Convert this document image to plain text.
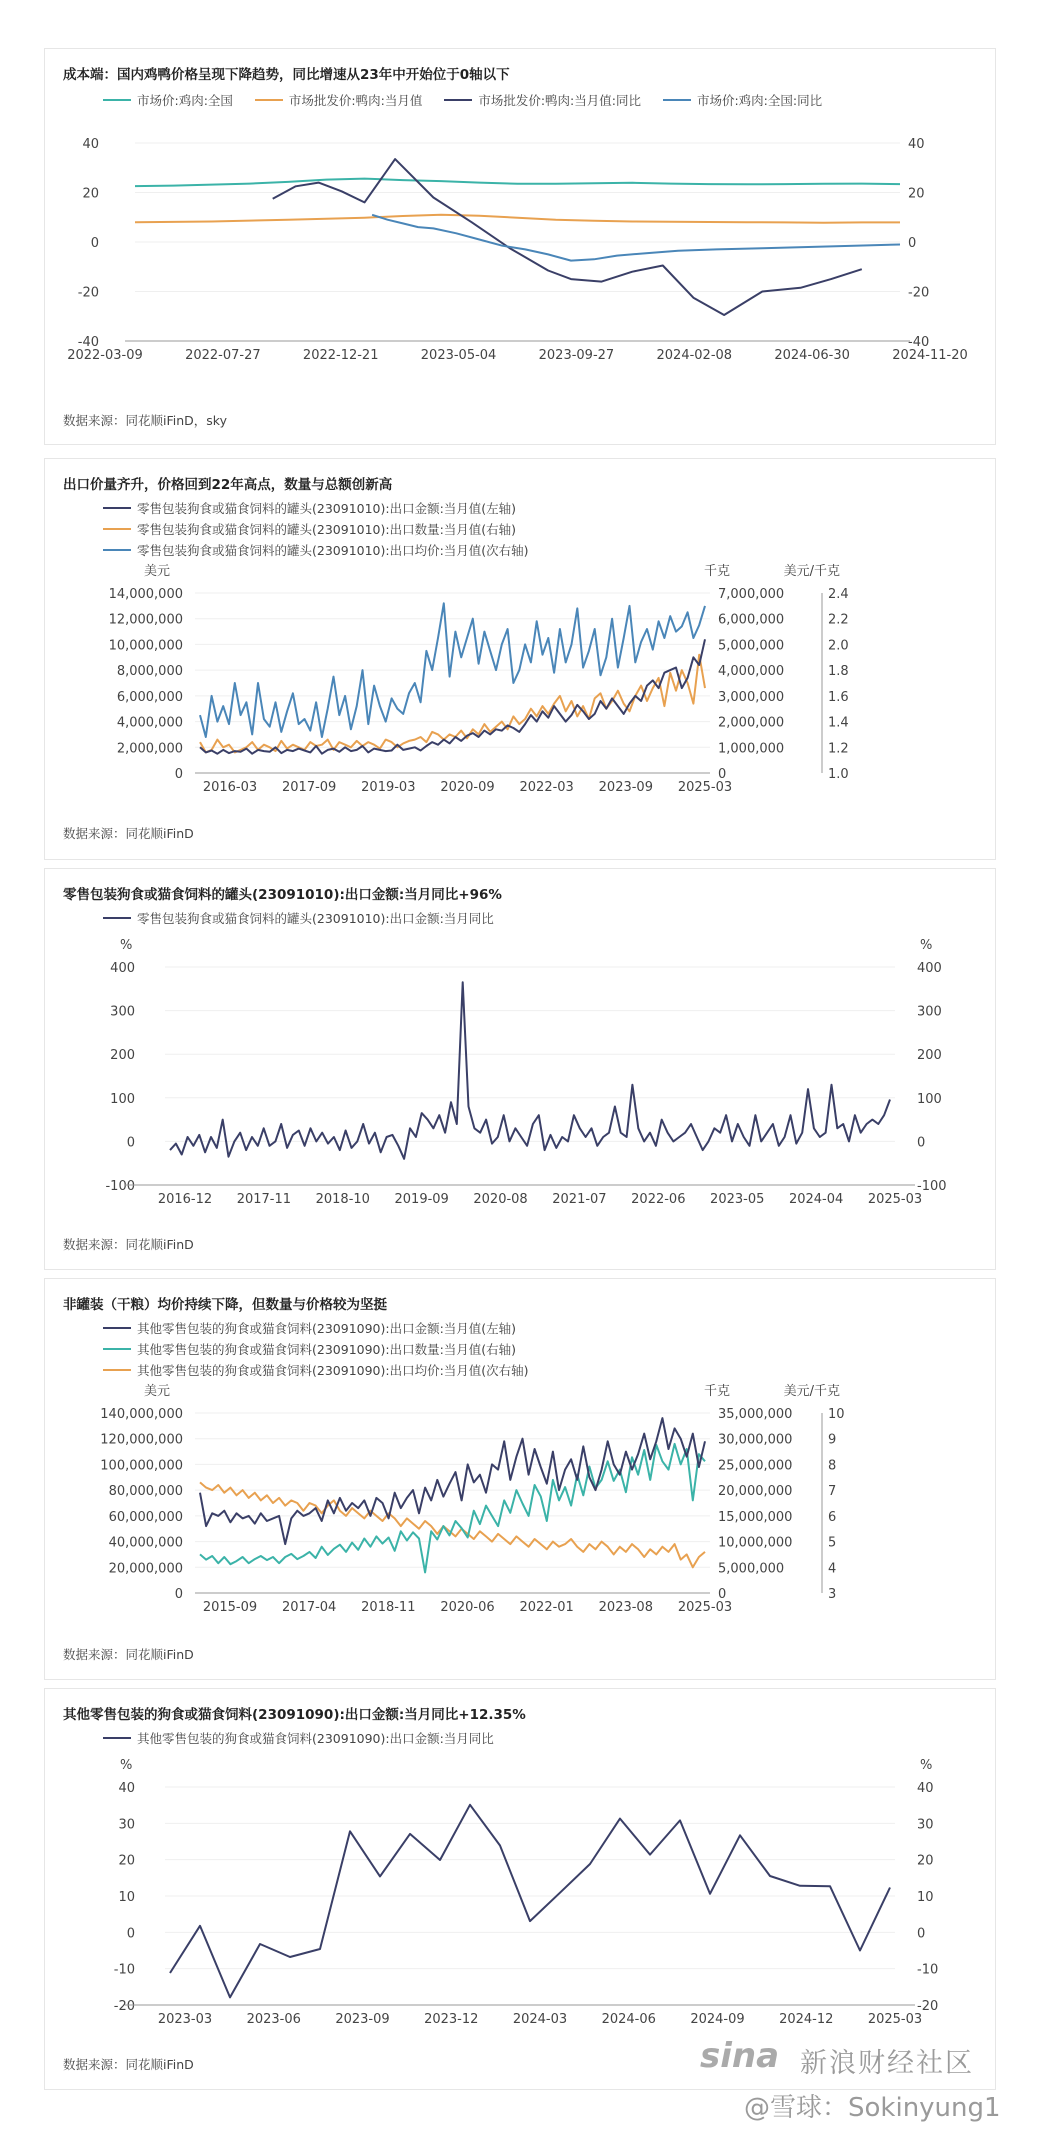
成本端：国内鸡鸭价格呈现下降趋势，同比增速从23年中开始位于0轴以下
市场价:鸡肉:全国
	市场批发价:鸭肉:当月值
	市场批发价:鸭肉:当月值:同比
	市场价:鸡肉:全国:同比
-40	-40
-20	-20
0	0
20	20
40	40
2022-03-09	2022-07-27	2022-12-21	2023-05-04	2023-09-27	2024-02-08	2024-06-30	2024-11-20
数据来源：同花顺iFinD，sky
出口价量齐升，价格回到22年高点，数量与总额创新高
零售包装狗食或猫食饲料的罐头(23091010):出口金额:当月值(左轴)
零售包装狗食或猫食饲料的罐头(23091010):出口数量:当月值(右轴)
零售包装狗食或猫食饲料的罐头(23091010):出口均价:当月值(次右轴)
美元	千克	美元/千克
0
2,000,000
4,000,000
6,000,000
8,000,000
10,000,000
12,000,000
14,000,000
0
1,000,000
2,000,000
3,000,000
4,000,000
5,000,000
6,000,000
7,000,000
1.0
1.2
1.4
1.6
1.8
2.0
2.2
2.4
2016-03 2017-09 2019-03 2020-09 2022-03 2023-09 2025-03
数据来源：同花顺iFinD
零售包装狗食或猫食饲料的罐头(23091010):出口金额:当月同比+96%
零售包装狗食或猫食饲料的罐头(23091010):出口金额:当月同比
%	%
-100	-100
0	0
100	100
200	200
300	300
400	400
2016-12 2017-11 2018-10 2019-09 2020-08 2021-07 2022-06 2023-05 2024-04 2025-03
数据来源：同花顺iFinD
非罐装（干粮）均价持续下降，但数量与价格较为坚挺
其他零售包装的狗食或猫食饲料(23091090):出口金额:当月值(左轴)
其他零售包装的狗食或猫食饲料(23091090):出口数量:当月值(右轴)
其他零售包装的狗食或猫食饲料(23091090):出口均价:当月值(次右轴)
美元	千克	美元/千克
0
20,000,000
40,000,000
60,000,000
80,000,000
100,000,000
120,000,000
140,000,000
0
5,000,000
10,000,000
15,000,000
20,000,000
25,000,000
30,000,000
35,000,000
3
4
5
6
7
8
9
10
2015-09 2017-04 2018-11 2020-06 2022-01 2023-08 2025-03
数据来源：同花顺iFinD
其他零售包装的狗食或猫食饲料(23091090):出口金额:当月同比+12.35%
其他零售包装的狗食或猫食饲料(23091090):出口金额:当月同比
%	%
-20	-20
-10	-10
0	0
10	10
20	20
30	30
40	40
2023-03	2023-06	2023-09	2023-12	2024-03	2024-06	2024-09	2024-12	2025-03
数据来源：同花顺iFinD	sina 新浪财经社区
@雪球：Sokinyung1
